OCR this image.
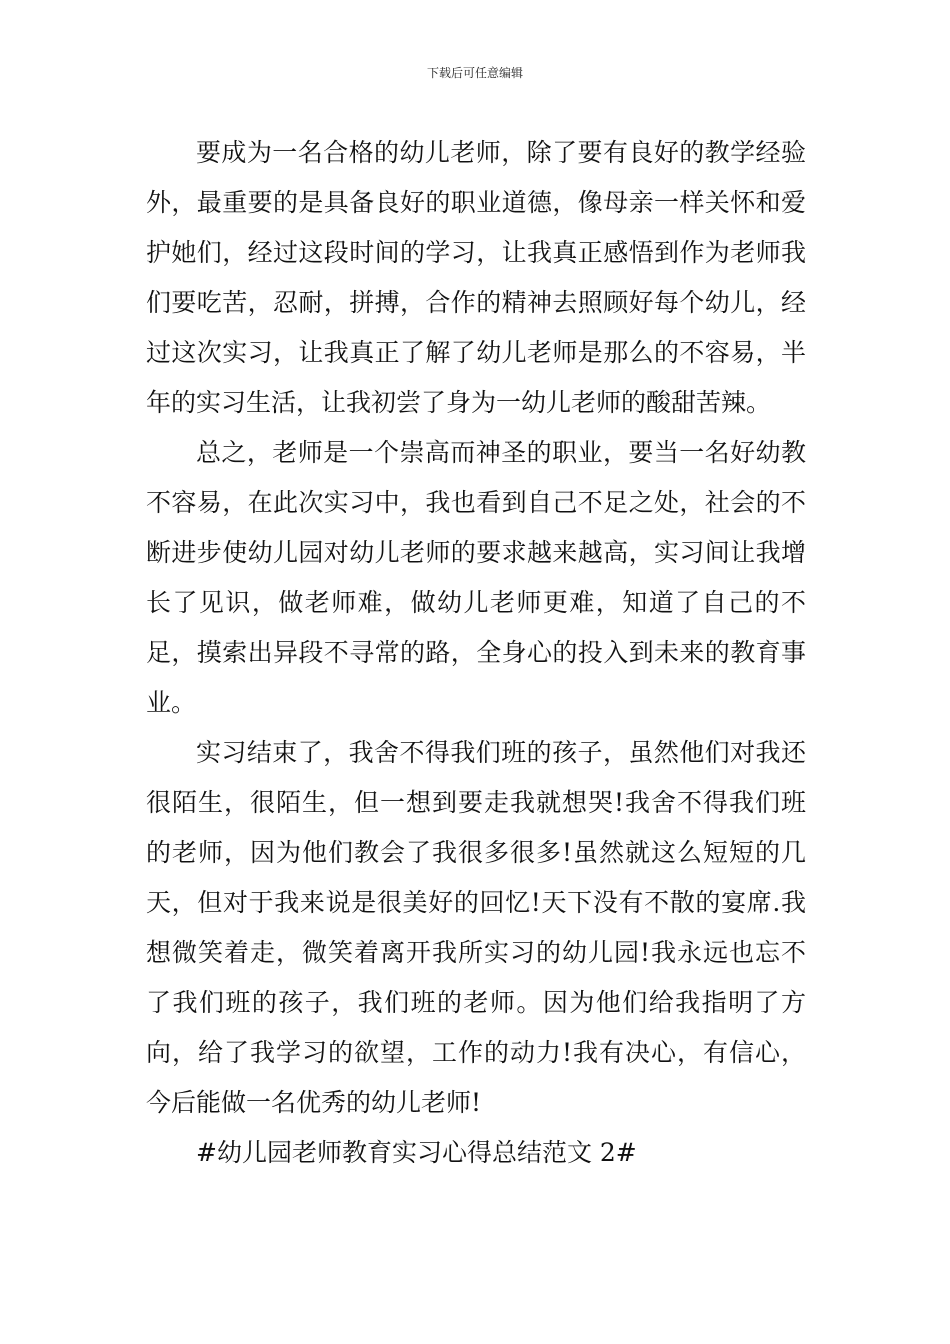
下载后可任意编辑

要成为一名合格的幼儿老师，除了要有良好的教学经验外，最重要的是具备良好的职业道德，像母亲一样关怀和爱护她们，经过这段时间的学习，让我真正感悟到作为老师我们要吃苦，忍耐，拼搏，合作的精神去照顾好每个幼儿，经过这次实习，让我真正了解了幼儿老师是那么的不容易，半年的实习生活，让我初尝了身为一幼儿老师的酸甜苦辣。

总之，老师是一个崇高而神圣的职业，要当一名好幼教不容易，在此次实习中，我也看到自己不足之处，社会的不断进步使幼儿园对幼儿老师的要求越来越高，实习间让我增长了见识，做老师难，做幼儿老师更难，知道了自己的不足，摸索出异段不寻常的路，全身心的投入到未来的教育事业。

实习结束了，我舍不得我们班的孩子，虽然他们对我还很陌生，很陌生，但一想到要走我就想哭!我舍不得我们班的老师，因为他们教会了我很多很多!虽然就这么短短的几天，但对于我来说是很美好的回忆!天下没有不散的宴席.我想微笑着走，微笑着离开我所实习的幼儿园!我永远也忘不了我们班的孩子，我们班的老师。因为他们给我指明了方向，给了我学习的欲望，工作的动力!我有决心，有信心，今后能做一名优秀的幼儿老师!

#幼儿园老师教育实习心得总结范文 2#
